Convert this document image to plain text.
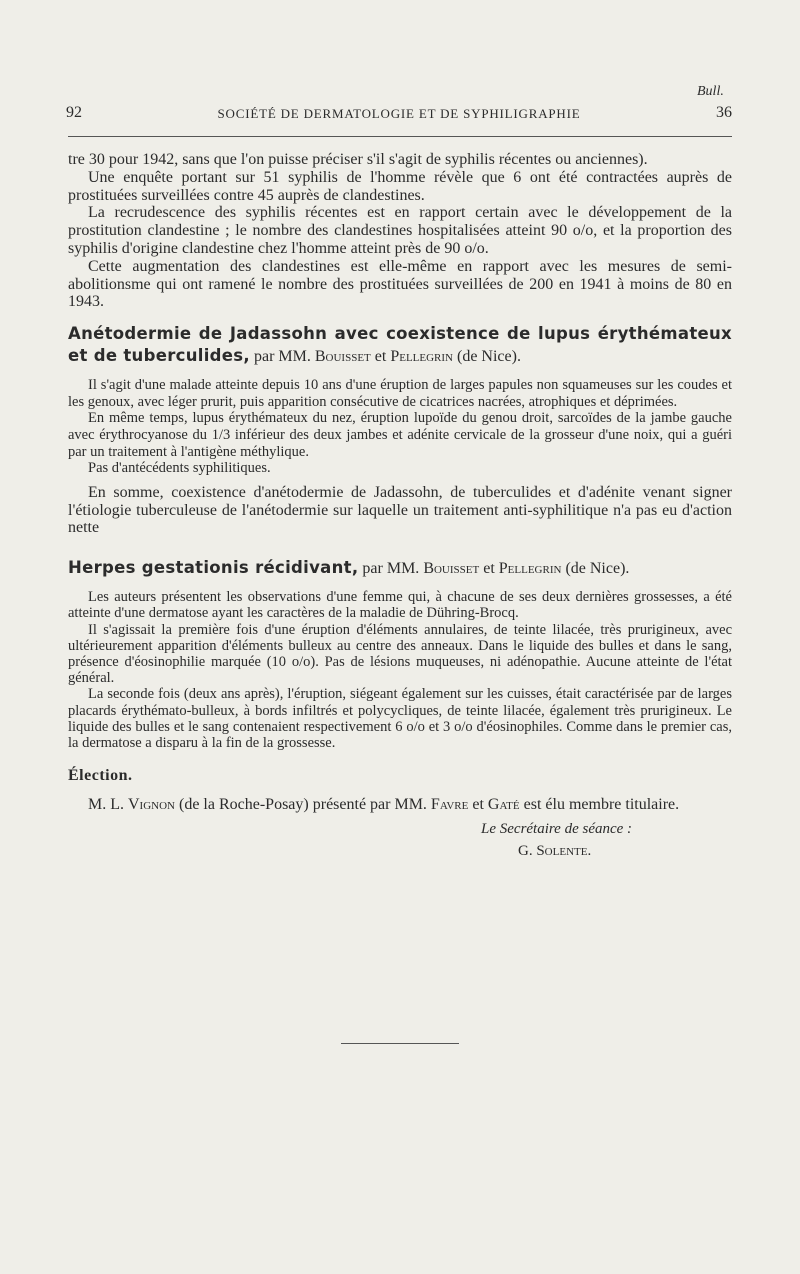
Bull.
92	SOCIÉTÉ DE DERMATOLOGIE ET DE SYPHILIGRAPHIE	36

tre 30 pour 1942, sans que l'on puisse préciser s'il s'agit de syphilis récentes ou anciennes).

Une enquête portant sur 51 syphilis de l'homme révèle que 6 ont été contractées auprès de prostituées surveillées contre 45 auprès de clandestines.

La recrudescence des syphilis récentes est en rapport certain avec le développement de la prostitution clandestine ; le nombre des clandestines hospitalisées atteint 90 o/o, et la proportion des syphilis d'origine clandestine chez l'homme atteint près de 90 o/o.

Cette augmentation des clandestines est elle-même en rapport avec les mesures de semi-abolitionsme qui ont ramené le nombre des prostituées surveillées de 200 en 1941 à moins de 80 en 1943.

Anétodermie de Jadassohn avec coexistence de lupus érythémateux et de tuberculides, par MM. Bouisset et Pellegrin (de Nice).

Il s'agit d'une malade atteinte depuis 10 ans d'une éruption de larges papules non squameuses sur les coudes et les genoux, avec léger prurit, puis apparition consécutive de cicatrices nacrées, atrophiques et déprimées.

En même temps, lupus érythémateux du nez, éruption lupoïde du genou droit, sarcoïdes de la jambe gauche avec érythrocyanose du 1/3 inférieur des deux jambes et adénite cervicale de la grosseur d'une noix, qui a guéri par un traitement à l'antigène méthylique.

Pas d'antécédents syphilitiques.

En somme, coexistence d'anétodermie de Jadassohn, de tuberculides et d'adénite venant signer l'étiologie tuberculeuse de l'anétodermie sur laquelle un traitement anti-syphilitique n'a pas eu d'action nette

Herpes gestationis récidivant, par MM. Bouisset et Pellegrin (de Nice).

Les auteurs présentent les observations d'une femme qui, à chacune de ses deux dernières grossesses, a été atteinte d'une dermatose ayant les caractères de la maladie de Dühring-Brocq.

Il s'agissait la première fois d'une éruption d'éléments annulaires, de teinte lilacée, très prurigineux, avec ultérieurement apparition d'éléments bulleux au centre des anneaux. Dans le liquide des bulles et dans le sang, présence d'éosinophilie marquée (10 o/o). Pas de lésions muqueuses, ni adénopathie. Aucune atteinte de l'état général.

La seconde fois (deux ans après), l'éruption, siégeant également sur les cuisses, était caractérisée par de larges placards érythémato-bulleux, à bords infiltrés et polycycliques, de teinte lilacée, également très prurigineux. Le liquide des bulles et le sang contenaient respectivement 6 o/o et 3 o/o d'éosinophiles. Comme dans le premier cas, la dermatose a disparu à la fin de la grossesse.

Élection.

M. L. Vignon (de la Roche-Posay) présenté par MM. Favre et Gaté est élu membre titulaire.

Le Secrétaire de séance :

G. Solente.
